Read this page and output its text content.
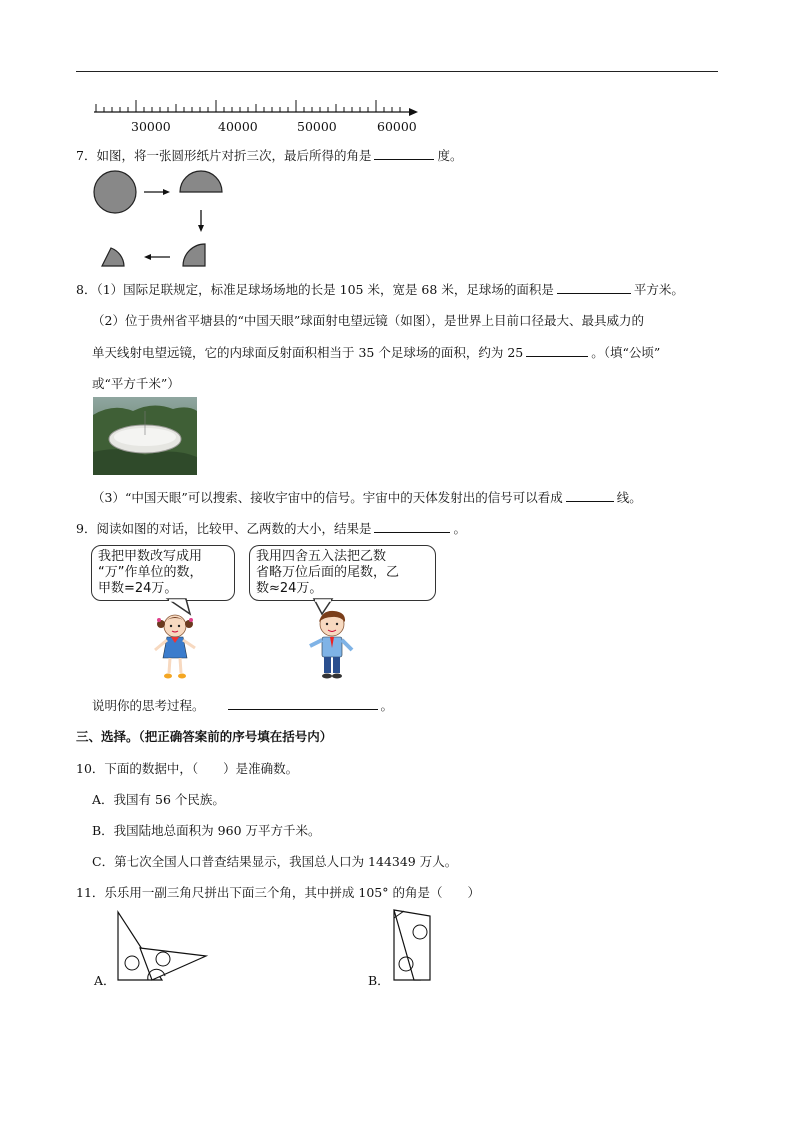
30000	40000	50000	60000
7．如图，将一张圆形纸片对折三次，最后所得的角是	度。
8．（1）国际足联规定，标准足球场场地的长是 105 米，宽是 68 米，足球场的面积是	平方米。
（2）位于贵州省平塘县的“中国天眼”球面射电望远镜（如图），是世界上目前口径最大、最具威力的
单天线射电望远镜，它的内球面反射面积相当于 35 个足球场的面积，约为 25	。（填“公顷”
或“平方千米”）
（3）“中国天眼”可以搜索、接收宇宙中的信号。宇宙中的天体发射出的信号可以看成	线。
9．阅读如图的对话，比较甲、乙两数的大小，结果是	。
我把甲数改写成用
“万”作单位的数，
甲数=24万。
我用四舍五入法把乙数
省略万位后面的尾数，乙
数≈24万。
说明你的思考过程。	。
三、选择。（把正确答案前的序号填在括号内）
10．下面的数据中，（　　）是准确数。
A．我国有 56 个民族。
B．我国陆地总面积为 960 万平方千米。
C．第七次全国人口普查结果显示，我国总人口为 144349 万人。
11．乐乐用一副三角尺拼出下面三个角，其中拼成 105° 的角是（　　）
A．	B．
